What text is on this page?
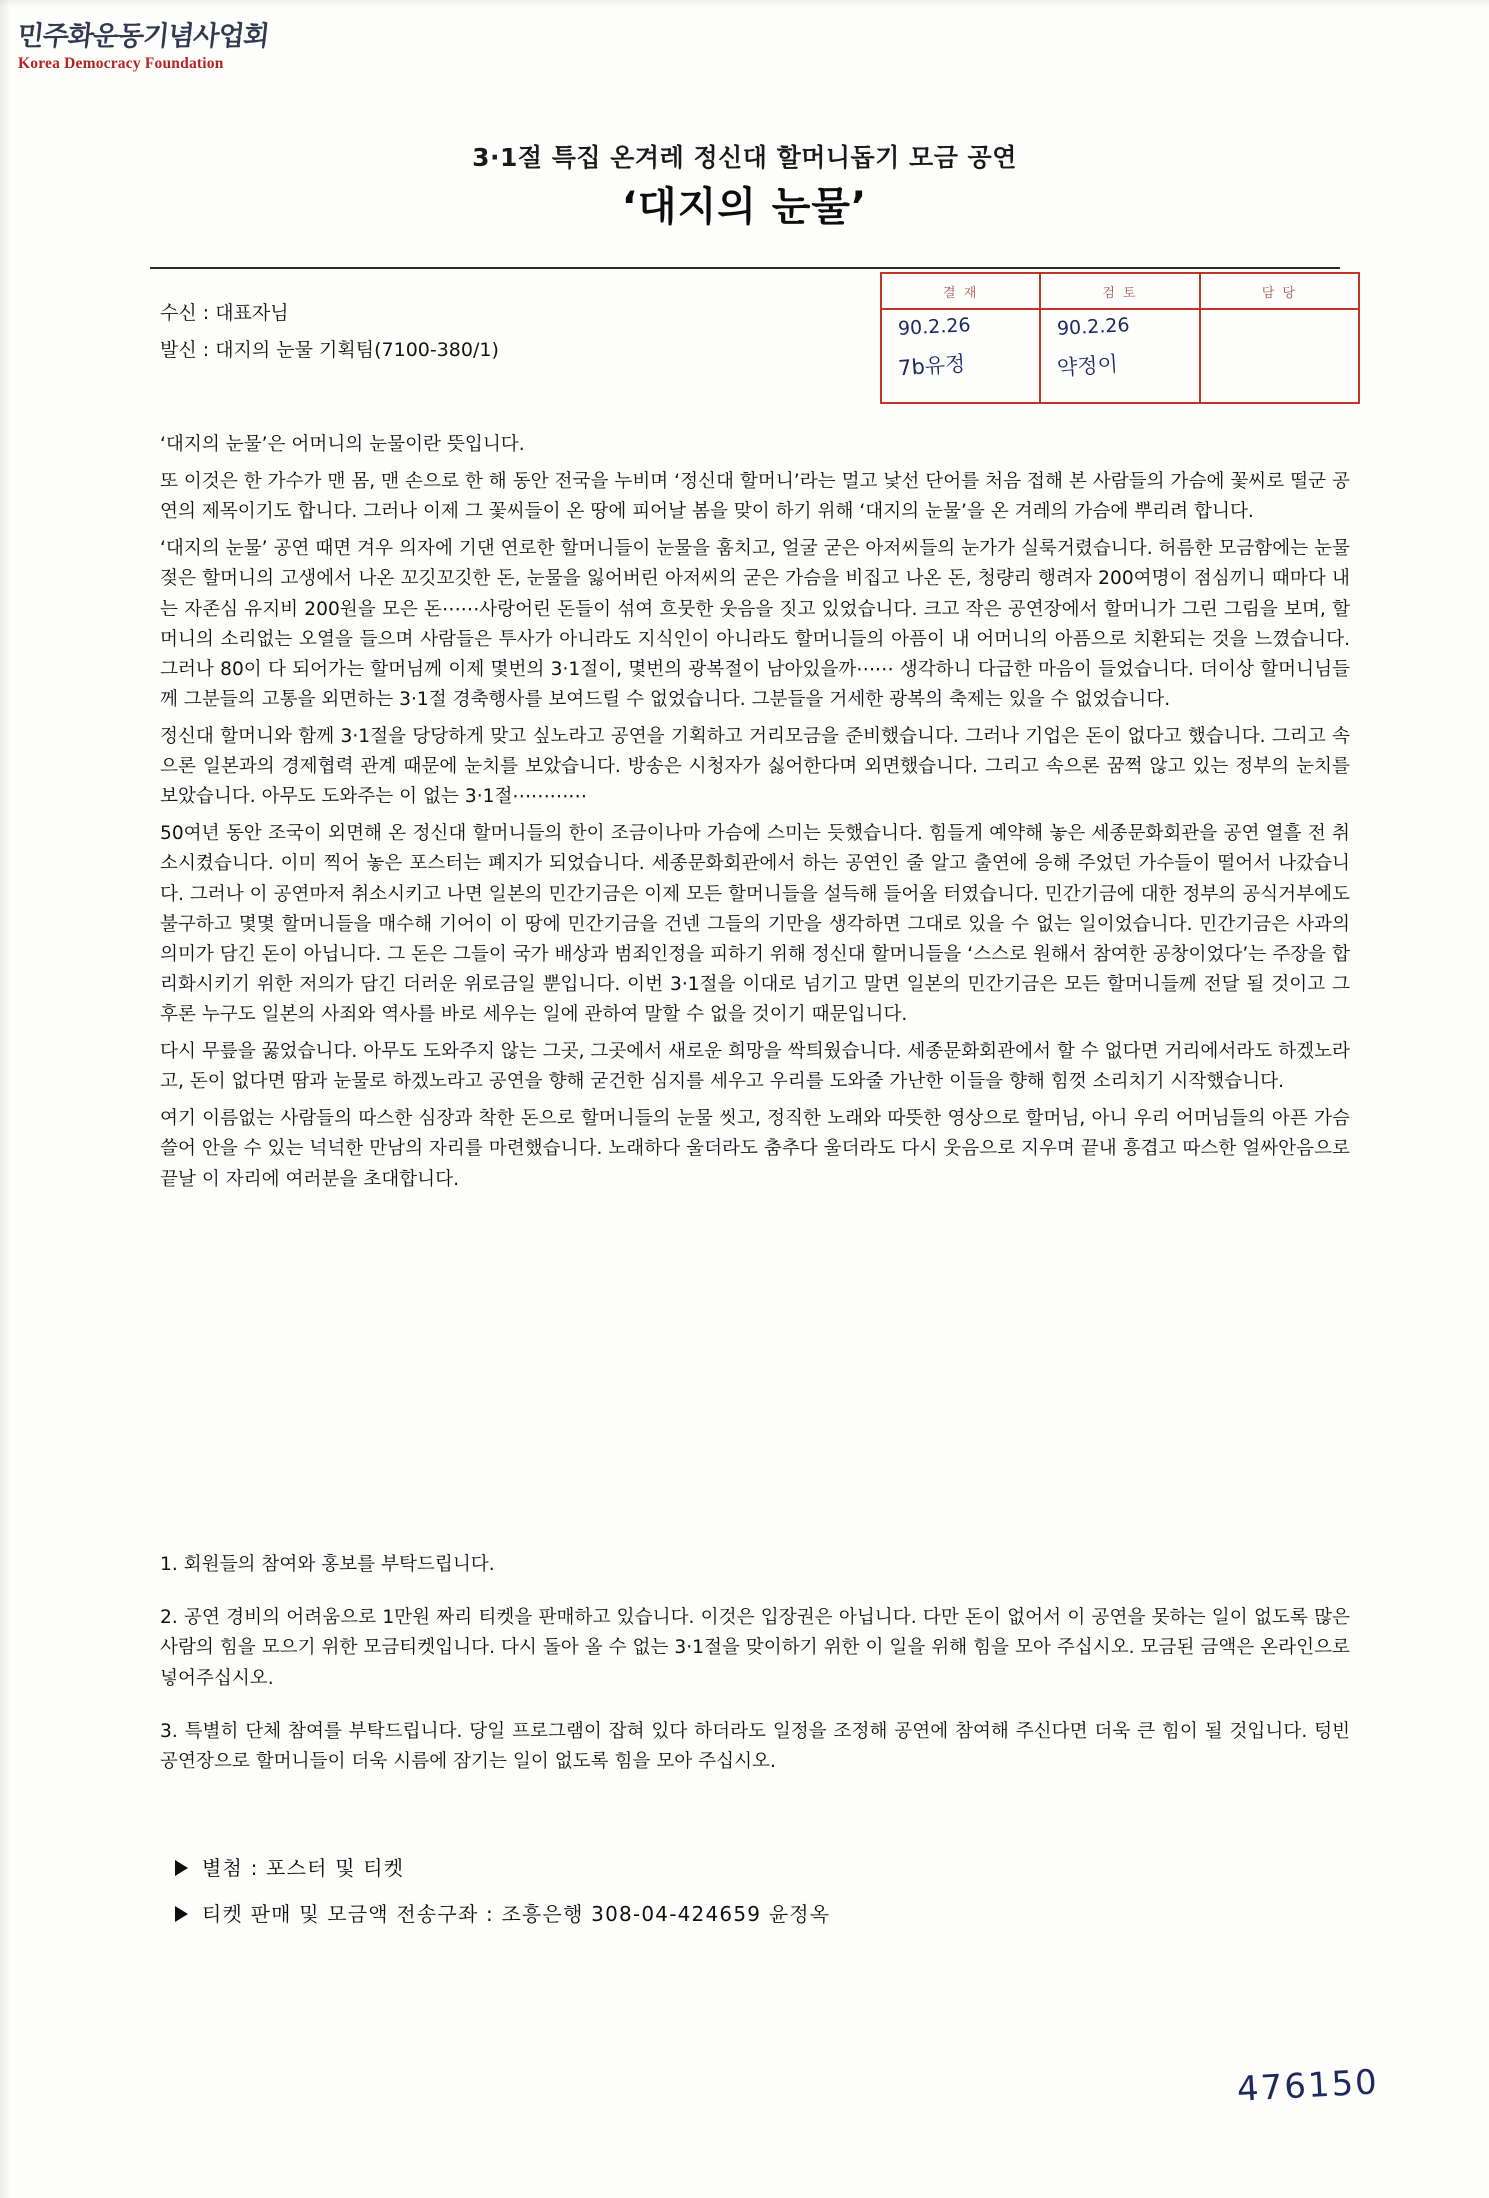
민주화운동기념사업회
Korea Democracy Foundation
3·1절 특집 온겨레 정신대 할머니돕기 모금 공연
‘대지의 눈물’
수신 : 대표자님
발신 : 대지의 눈물 기획팀(7100-380/1)
결 재	검 토	담 당
90.2.26
7b유정
90.2.26
약정이

‘대지의 눈물’은 어머니의 눈물이란 뜻입니다.

또 이것은 한 가수가 맨 몸, 맨 손으로 한 해 동안 전국을 누비며 ‘정신대 할머니’라는 멀고 낯선 단어를 처음 접해 본 사람들의 가슴에 꽃씨로 떨군 공연의 제목이기도 합니다. 그러나 이제 그 꽃씨들이 온 땅에 피어날 봄을 맞이 하기 위해 ‘대지의 눈물’을 온 겨레의 가슴에 뿌리려 합니다.

‘대지의 눈물’ 공연 때면 겨우 의자에 기댄 연로한 할머니들이 눈물을 훔치고, 얼굴 굳은 아저씨들의 눈가가 실룩거렸습니다. 허름한 모금함에는 눈물 젖은 할머니의 고생에서 나온 꼬깃꼬깃한 돈, 눈물을 잃어버린 아저씨의 굳은 가슴을 비집고 나온 돈, 청량리 행려자 200여명이 점심끼니 때마다 내는 자존심 유지비 200원을 모은 돈⋯⋯사랑어린 돈들이 섞여 흐뭇한 웃음을 짓고 있었습니다. 크고 작은 공연장에서 할머니가 그린 그림을 보며, 할머니의 소리없는 오열을 들으며 사람들은 투사가 아니라도 지식인이 아니라도 할머니들의 아픔이 내 어머니의 아픔으로 치환되는 것을 느꼈습니다. 그러나 80이 다 되어가는 할머님께 이제 몇번의 3·1절이, 몇번의 광복절이 남아있을까⋯⋯ 생각하니 다급한 마음이 들었습니다. 더이상 할머니님들께 그분들의 고통을 외면하는 3·1절 경축행사를 보여드릴 수 없었습니다. 그분들을 거세한 광복의 축제는 있을 수 없었습니다.

정신대 할머니와 함께 3·1절을 당당하게 맞고 싶노라고 공연을 기획하고 거리모금을 준비했습니다. 그러나 기업은 돈이 없다고 했습니다. 그리고 속으론 일본과의 경제협력 관계 때문에 눈치를 보았습니다. 방송은 시청자가 싫어한다며 외면했습니다. 그리고 속으론 꿈쩍 않고 있는 정부의 눈치를 보았습니다. 아무도 도와주는 이 없는 3·1절⋯⋯⋯⋯

50여년 동안 조국이 외면해 온 정신대 할머니들의 한이 조금이나마 가슴에 스미는 듯했습니다. 힘들게 예약해 놓은 세종문화회관을 공연 열흘 전 취소시켰습니다. 이미 찍어 놓은 포스터는 폐지가 되었습니다. 세종문화회관에서 하는 공연인 줄 알고 출연에 응해 주었던 가수들이 떨어서 나갔습니다. 그러나 이 공연마저 취소시키고 나면 일본의 민간기금은 이제 모든 할머니들을 설득해 들어올 터였습니다. 민간기금에 대한 정부의 공식거부에도 불구하고 몇몇 할머니들을 매수해 기어이 이 땅에 민간기금을 건넨 그들의 기만을 생각하면 그대로 있을 수 없는 일이었습니다. 민간기금은 사과의 의미가 담긴 돈이 아닙니다. 그 돈은 그들이 국가 배상과 범죄인정을 피하기 위해 정신대 할머니들을 ‘스스로 원해서 참여한 공창이었다’는 주장을 합리화시키기 위한 저의가 담긴 더러운 위로금일 뿐입니다. 이번 3·1절을 이대로 넘기고 말면 일본의 민간기금은 모든 할머니들께 전달 될 것이고 그 후론 누구도 일본의 사죄와 역사를 바로 세우는 일에 관하여 말할 수 없을 것이기 때문입니다.

다시 무릎을 꿇었습니다. 아무도 도와주지 않는 그곳, 그곳에서 새로운 희망을 싹틔웠습니다. 세종문화회관에서 할 수 없다면 거리에서라도 하겠노라고, 돈이 없다면 땀과 눈물로 하겠노라고 공연을 향해 굳건한 심지를 세우고 우리를 도와줄 가난한 이들을 향해 힘껏 소리치기 시작했습니다.

여기 이름없는 사람들의 따스한 심장과 착한 돈으로 할머니들의 눈물 씻고, 정직한 노래와 따뜻한 영상으로 할머님, 아니 우리 어머님들의 아픈 가슴 쓸어 안을 수 있는 넉넉한 만남의 자리를 마련했습니다. 노래하다 울더라도 춤추다 울더라도 다시 웃음으로 지우며 끝내 흥겹고 따스한 얼싸안음으로 끝날 이 자리에 여러분을 초대합니다.

1. 회원들의 참여와 홍보를 부탁드립니다.

2. 공연 경비의 어려움으로 1만원 짜리 티켓을 판매하고 있습니다. 이것은 입장권은 아닙니다. 다만 돈이 없어서 이 공연을 못하는 일이 없도록 많은 사람의 힘을 모으기 위한 모금티켓입니다. 다시 돌아 올 수 없는 3·1절을 맞이하기 위한 이 일을 위해 힘을 모아 주십시오. 모금된 금액은 온라인으로 넣어주십시오.

3. 특별히 단체 참여를 부탁드립니다. 당일 프로그램이 잡혀 있다 하더라도 일정을 조정해 공연에 참여해 주신다면 더욱 큰 힘이 될 것입니다. 텅빈 공연장으로 할머니들이 더욱 시름에 잠기는 일이 없도록 힘을 모아 주십시오.

별첨 : 포스터 및 티켓
티켓 판매 및 모금액 전송구좌 : 조흥은행 308-04-424659 윤정옥
476150
